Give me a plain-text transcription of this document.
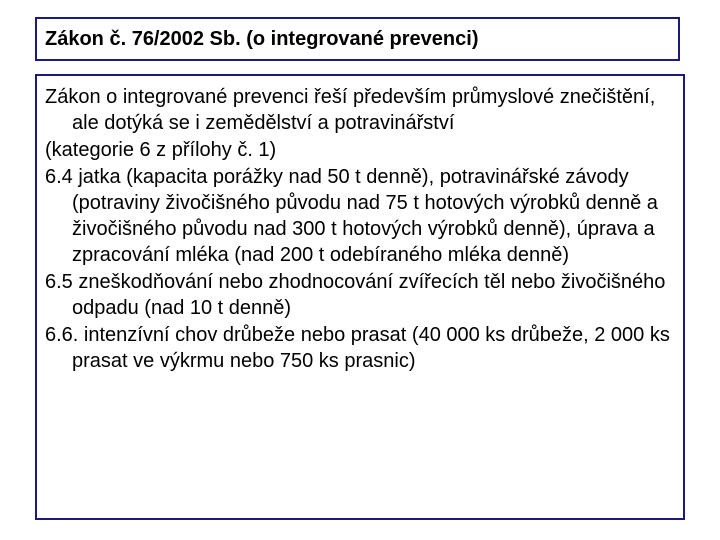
Zákon č. 76/2002 Sb. (o integrované prevenci)

Zákon o integrované prevenci řeší především průmyslové znečištění, ale dotýká se i zemědělství a potravinářství

(kategorie 6 z přílohy č. 1)

6.4 jatka (kapacita porážky nad 50 t denně), potravinářské závody (potraviny živočišného původu nad 75 t hotových výrobků denně a živočišného původu nad 300 t hotových výrobků denně), úprava a zpracování mléka (nad 200 t odebíraného mléka denně)

6.5 zneškodňování nebo zhodnocování zvířecích těl nebo živočišného odpadu (nad 10 t denně)

6.6. intenzívní chov drůbeže nebo prasat (40 000 ks drůbeže, 2 000 ks prasat ve výkrmu nebo 750 ks prasnic)
